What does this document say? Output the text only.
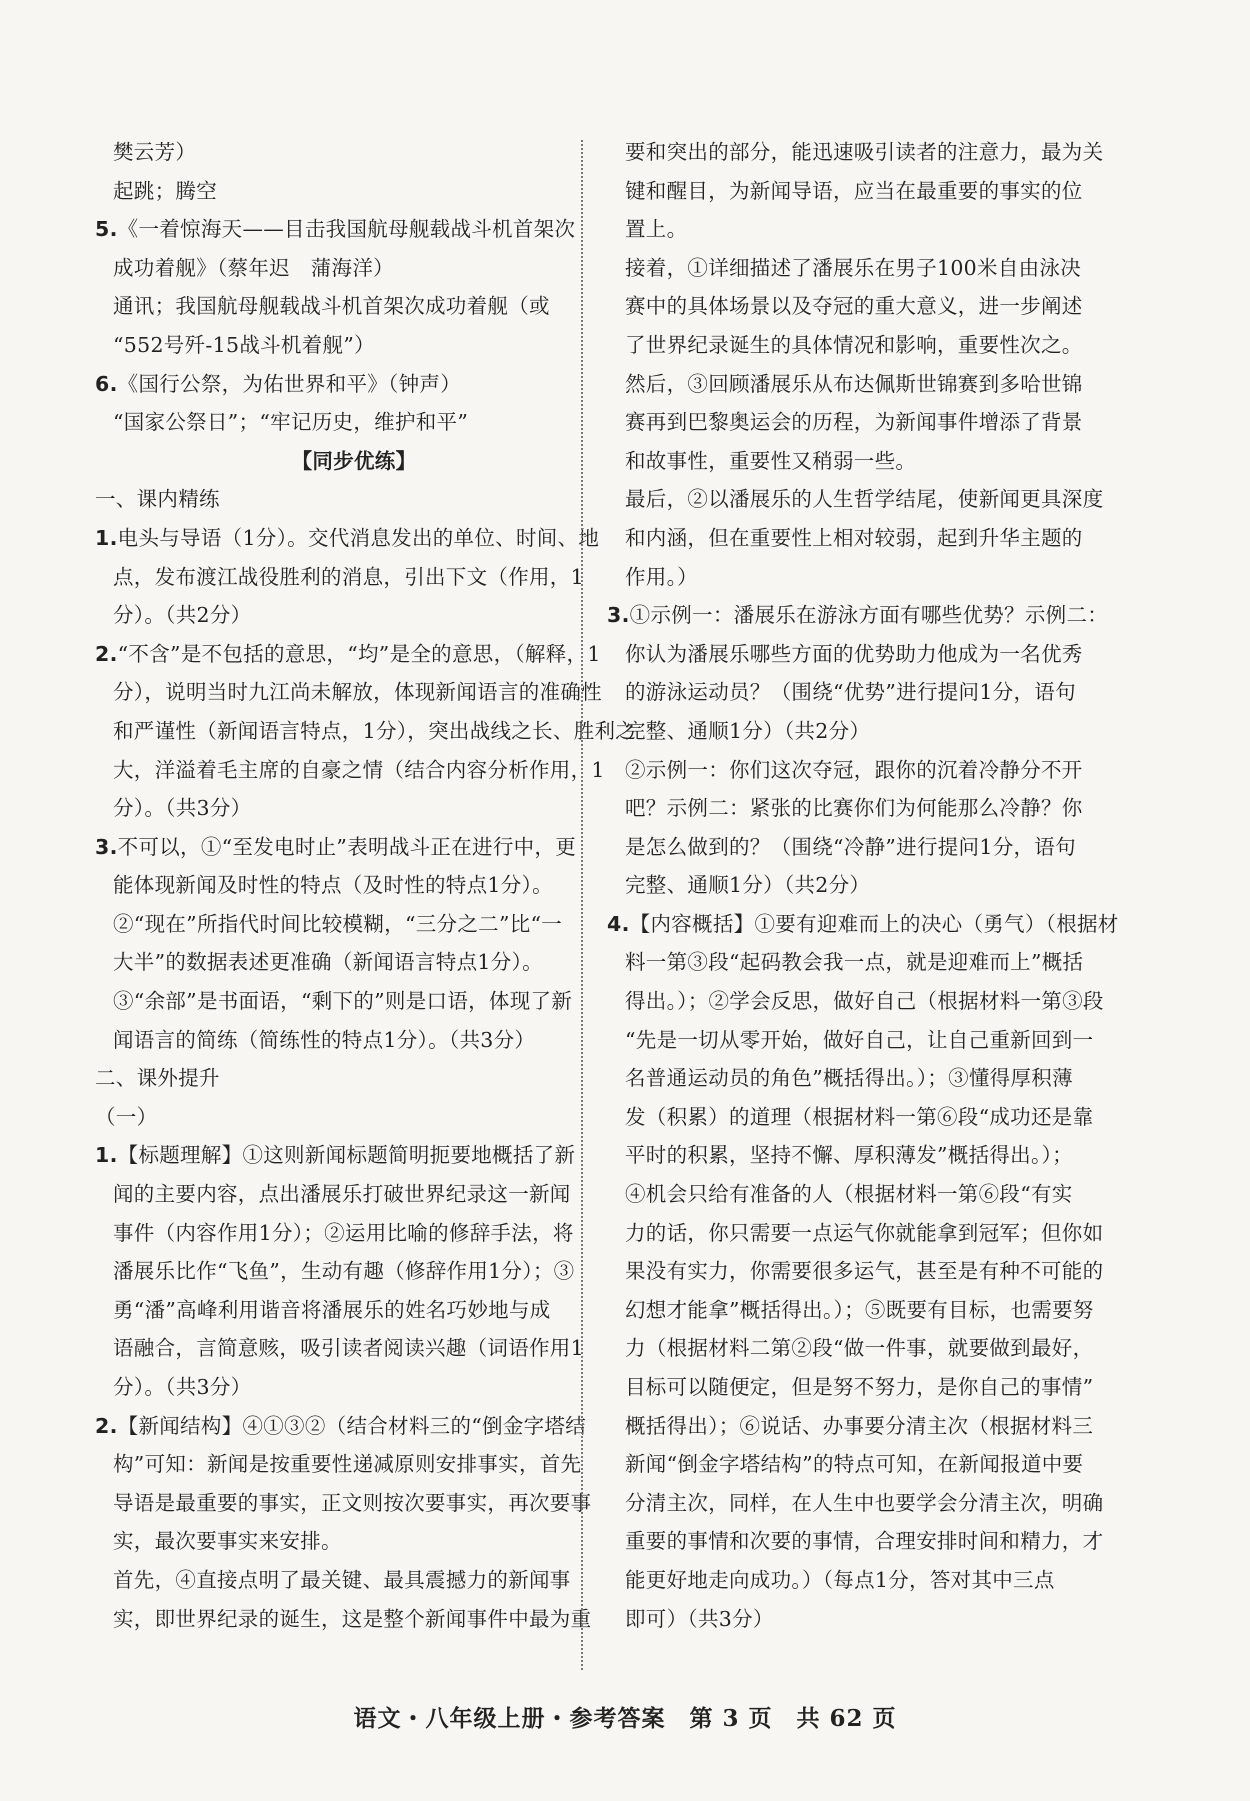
樊云芳）
起跳；腾空
5.《一着惊海天——目击我国航母舰载战斗机首架次
成功着舰》（蔡年迟　蒲海洋）
通讯；我国航母舰载战斗机首架次成功着舰（或
“552号歼-15战斗机着舰”）
6.《国行公祭，为佑世界和平》（钟声）
“国家公祭日”；“牢记历史，维护和平”
【同步优练】
一、课内精练
1.电头与导语（1分）。交代消息发出的单位、时间、地
点，发布渡江战役胜利的消息，引出下文（作用，1
分）。（共2分）
2.“不含”是不包括的意思，“均”是全的意思，（解释，1
分），说明当时九江尚未解放，体现新闻语言的准确性
和严谨性（新闻语言特点，1分），突出战线之长、胜利之
大，洋溢着毛主席的自豪之情（结合内容分析作用，1
分）。（共3分）
3.不可以，①“至发电时止”表明战斗正在进行中，更
能体现新闻及时性的特点（及时性的特点1分）。
②“现在”所指代时间比较模糊，“三分之二”比“一
大半”的数据表述更准确（新闻语言特点1分）。
③“余部”是书面语，“剩下的”则是口语，体现了新
闻语言的简练（简练性的特点1分）。（共3分）
二、课外提升
（一）
1.【标题理解】①这则新闻标题简明扼要地概括了新
闻的主要内容，点出潘展乐打破世界纪录这一新闻
事件（内容作用1分）；②运用比喻的修辞手法，将
潘展乐比作“飞鱼”，生动有趣（修辞作用1分）；③
勇“潘”高峰利用谐音将潘展乐的姓名巧妙地与成
语融合，言简意赅，吸引读者阅读兴趣（词语作用1
分）。（共3分）
2.【新闻结构】④①③②（结合材料三的“倒金字塔结
构”可知：新闻是按重要性递减原则安排事实，首先
导语是最重要的事实，正文则按次要事实，再次要事
实，最次要事实来安排。
首先，④直接点明了最关键、最具震撼力的新闻事
实，即世界纪录的诞生，这是整个新闻事件中最为重
要和突出的部分，能迅速吸引读者的注意力，最为关
键和醒目，为新闻导语，应当在最重要的事实的位
置上。
接着，①详细描述了潘展乐在男子100米自由泳决
赛中的具体场景以及夺冠的重大意义，进一步阐述
了世界纪录诞生的具体情况和影响，重要性次之。
然后，③回顾潘展乐从布达佩斯世锦赛到多哈世锦
赛再到巴黎奥运会的历程，为新闻事件增添了背景
和故事性，重要性又稍弱一些。
最后，②以潘展乐的人生哲学结尾，使新闻更具深度
和内涵，但在重要性上相对较弱，起到升华主题的
作用。）
3.①示例一：潘展乐在游泳方面有哪些优势？示例二：
你认为潘展乐哪些方面的优势助力他成为一名优秀
的游泳运动员？（围绕“优势”进行提问1分，语句
完整、通顺1分）（共2分）
②示例一：你们这次夺冠，跟你的沉着冷静分不开
吧？示例二：紧张的比赛你们为何能那么冷静？你
是怎么做到的？（围绕“冷静”进行提问1分，语句
完整、通顺1分）（共2分）
4.【内容概括】①要有迎难而上的决心（勇气）（根据材
料一第③段“起码教会我一点，就是迎难而上”概括
得出。）；②学会反思，做好自己（根据材料一第③段
“先是一切从零开始，做好自己，让自己重新回到一
名普通运动员的角色”概括得出。）；③懂得厚积薄
发（积累）的道理（根据材料一第⑥段“成功还是靠
平时的积累，坚持不懈、厚积薄发”概括得出。）；
④机会只给有准备的人（根据材料一第⑥段“有实
力的话，你只需要一点运气你就能拿到冠军；但你如
果没有实力，你需要很多运气，甚至是有种不可能的
幻想才能拿”概括得出。）；⑤既要有目标，也需要努
力（根据材料二第②段“做一件事，就要做到最好，
目标可以随便定，但是努不努力，是你自己的事情”
概括得出）；⑥说话、办事要分清主次（根据材料三
新闻“倒金字塔结构”的特点可知，在新闻报道中要
分清主次，同样，在人生中也要学会分清主次，明确
重要的事情和次要的事情，合理安排时间和精力，才
能更好地走向成功。）（每点1分，答对其中三点
即可）（共3分）
语文・八年级上册・参考答案　第 3 页　共 62 页
